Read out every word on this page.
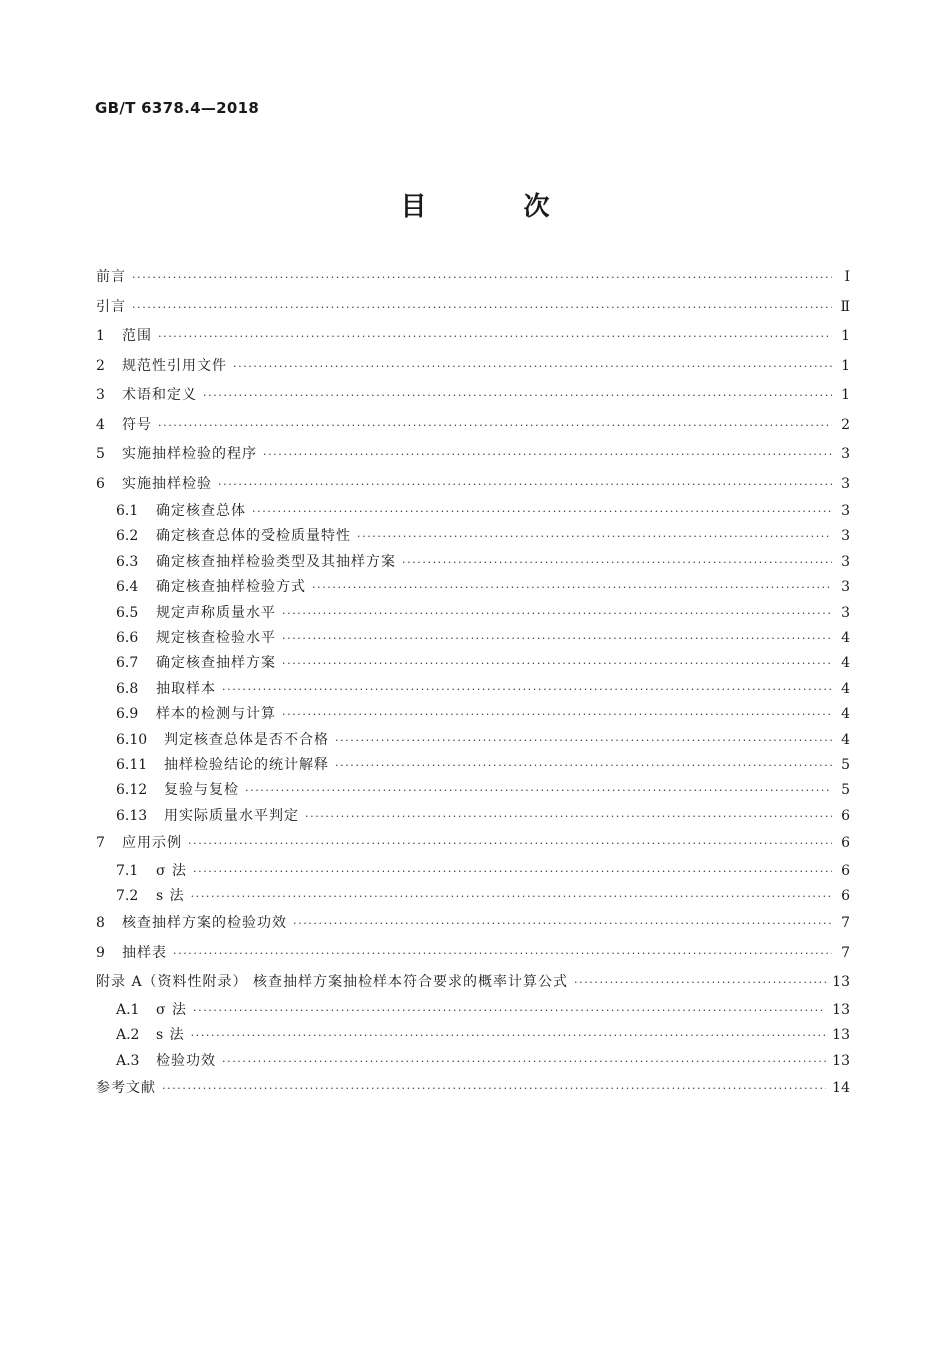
GB/T 6378.4—2018
目 次
前言 ·····	Ⅰ
引言 ·····	Ⅱ
1	范围 ·····	1
2	规范性引用文件 ·····	1
3	术语和定义 ·····	1
4	符号 ·····	2
5	实施抽样检验的程序 ·····	3
6	实施抽样检验 ·····	3
6.1	确定核查总体 ·····	3
6.2	确定核查总体的受检质量特性 ·····	3
6.3	确定核查抽样检验类型及其抽样方案 ·····	3
6.4	确定核查抽样检验方式 ·····	3
6.5	规定声称质量水平 ·····	3
6.6	规定核查检验水平 ·····	4
6.7	确定核查抽样方案 ·····	4
6.8	抽取样本 ·····	4
6.9	样本的检测与计算 ·····	4
6.10	判定核查总体是否不合格 ·····	4
6.11	抽样检验结论的统计解释 ·····	5
6.12	复验与复检 ·····	5
6.13	用实际质量水平判定 ·····	6
7	应用示例 ·····	6
7.1	σ 法 ·····	6
7.2	s 法 ·····	6
8	核查抽样方案的检验功效 ·····	7
9	抽样表 ·····	7
附录 A（资料性附录） 核查抽样方案抽检样本符合要求的概率计算公式 ·····	13
A.1	σ 法 ·····	13
A.2	s 法 ·····	13
A.3	检验功效 ·····	13
参考文献 ·····	14
